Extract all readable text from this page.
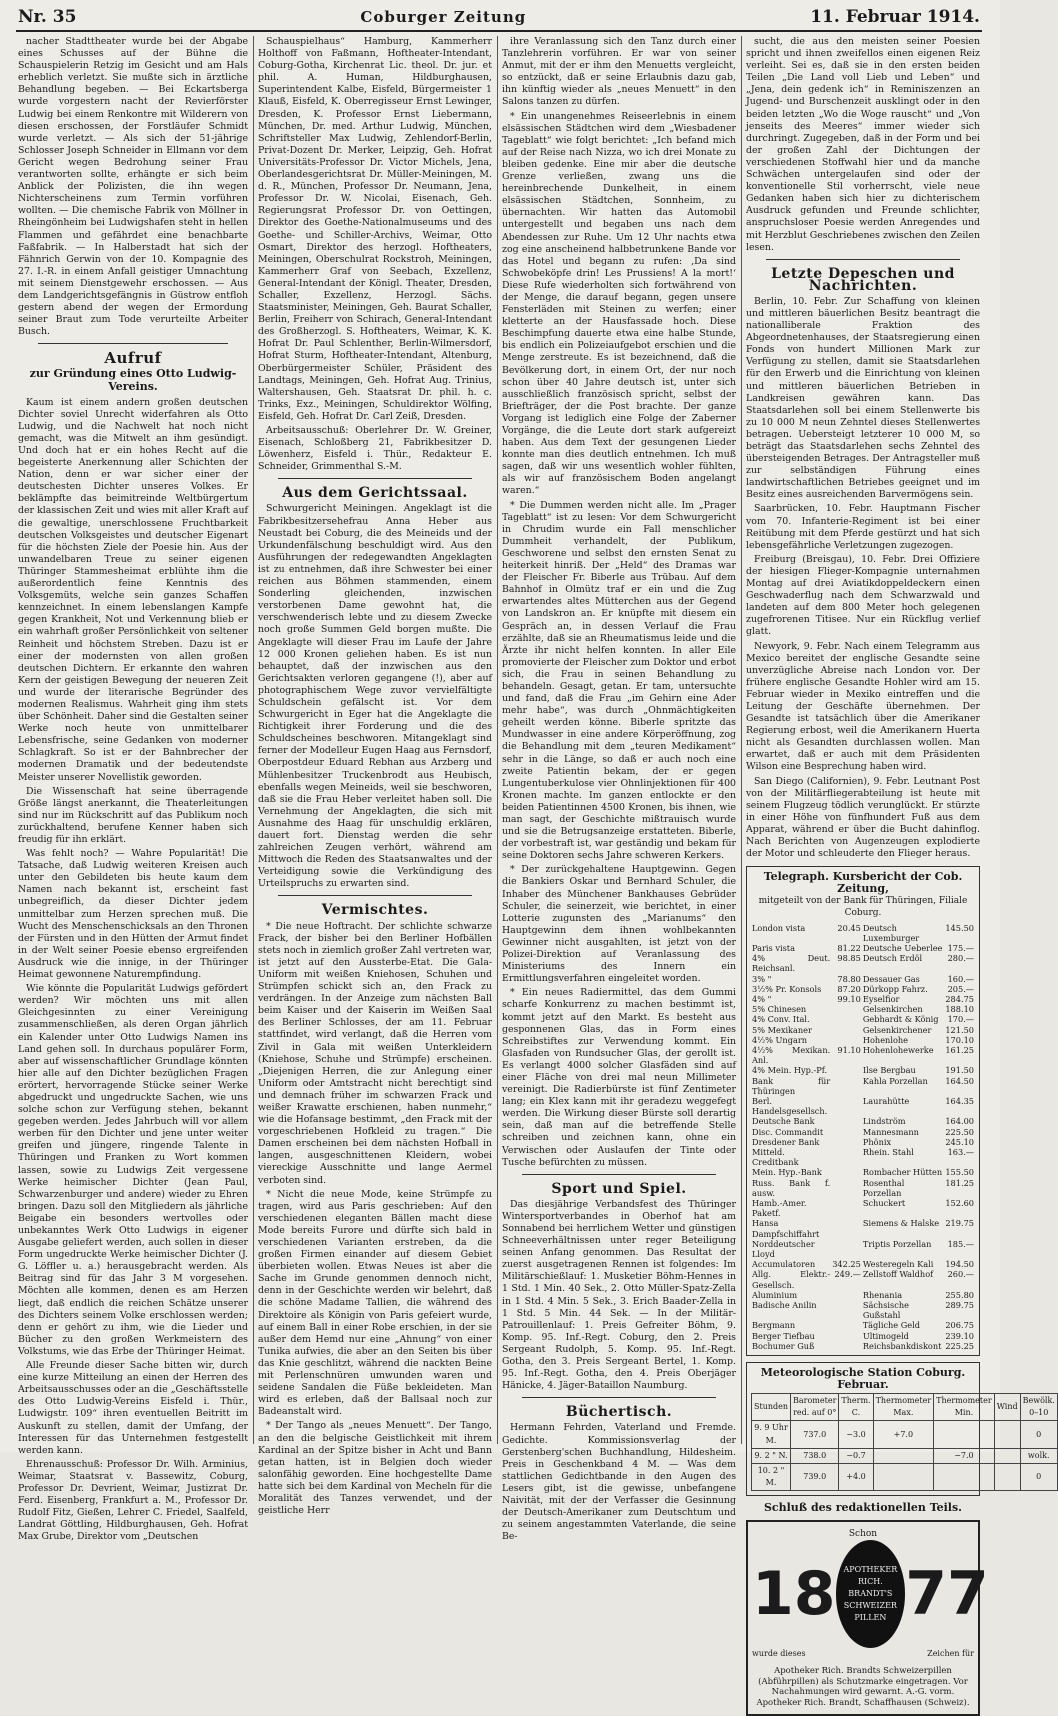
Nr. 35	Coburger Zeitung	11. Februar 1914.

nacher Stadttheater wurde bei der Abgabe eines Schusses auf der Bühne die Schauspielerin Retzig im Gesicht und am Hals erheblich verletzt. Sie mußte sich in ärztliche Behandlung begeben. — Bei Eckartsberga wurde vorgestern nacht der Revierförster Ludwig bei einem Renkontre mit Wilderern von diesen erschossen, der Forstläufer Schmidt wurde verletzt. — Als sich der 51-jährige Schlosser Joseph Schneider in Ellmann vor dem Gericht wegen Bedrohung seiner Frau verantworten sollte, erhängte er sich beim Anblick der Polizisten, die ihn wegen Nichterscheinens zum Termin vorführen wollten. — Die chemische Fabrik von Möllner in Rheingönheim bei Ludwigshafen steht in hellen Flammen und gefährdet eine benachbarte Faßfabrik. — In Halberstadt hat sich der Fähnrich Gerwin von der 10. Kompagnie des 27. I.-R. in einem Anfall geistiger Umnachtung mit seinem Dienstgewehr erschossen. — Aus dem Landgerichtsgefängnis in Güstrow entfloh gestern abend der wegen der Ermordung seiner Braut zum Tode verurteilte Arbeiter Busch.

Aufruf
zur Gründung eines Otto Ludwig-Vereins.

Kaum ist einem andern großen deutschen Dichter soviel Unrecht widerfahren als Otto Ludwig, und die Nachwelt hat noch nicht gemacht, was die Mitwelt an ihm gesündigt. Und doch hat er ein hohes Recht auf die begeisterte Anerkennung aller Schichten der Nation, denn er war sicher einer der deutschesten Dichter unseres Volkes. Er beklämpfte das beimitreinde Weltbürgertum der klassischen Zeit und wies mit aller Kraft auf die gewaltige, unerschlossene Fruchtbarkeit deutschen Volksgeistes und deutscher Eigenart für die höchsten Ziele der Poesie hin. Aus der unwandelbaren Treue zu seiner eigenen Thüringer Stammesheimat erblühte ihm die außerordentlich feine Kenntnis des Volksgemüts, welche sein ganzes Schaffen kennzeichnet. In einem lebenslangen Kampfe gegen Krankheit, Not und Verkennung blieb er ein wahrhaft großer Persönlichkeit von seltener Reinheit und höchstem Streben. Dazu ist er einer der modernsten von allen großen deutschen Dichtern. Er erkannte den wahren Kern der geistigen Bewegung der neueren Zeit und wurde der literarische Begründer des modernen Realismus. Wahrheit ging ihm stets über Schönheit. Daher sind die Gestalten seiner Werke noch heute von unmittelbarer Lebensfrische, seine Gedanken von moderner Schlagkraft. So ist er der Bahnbrecher der modernen Dramatik und der bedeutendste Meister unserer Novellistik geworden.

Die Wissenschaft hat seine überragende Größe längst anerkannt, die Theaterleitungen sind nur im Rückschritt auf das Publikum noch zurückhaltend, berufene Kenner haben sich freudig für ihn erklärt.

Was fehlt noch? — Wahre Popularität! Die Tatsache, daß Ludwig weiteren Kreisen auch unter den Gebildeten bis heute kaum dem Namen nach bekannt ist, erscheint fast unbegreiflich, da dieser Dichter jedem unmittelbar zum Herzen sprechen muß. Die Wucht des Menschenschicksals an den Thronen der Fürsten und in den Hütten der Armut findet in der Welt seiner Poesie ebenso ergreifenden Ausdruck wie die innige, in der Thüringer Heimat gewonnene Naturempfindung.

Wie könnte die Popularität Ludwigs gefördert werden? Wir möchten uns mit allen Gleichgesinnten zu einer Vereinigung zusammenschließen, als deren Organ jährlich ein Kalender unter Otto Ludwigs Namen ins Land gehen soll. In durchaus populärer Form, aber auf wissenschaftlicher Grundlage könnten hier alle auf den Dichter bezüglichen Fragen erörtert, hervorragende Stücke seiner Werke abgedruckt und ungedruckte Sachen, wie uns solche schon zur Verfügung stehen, bekannt gegeben werden. Jedes Jahrbuch will vor allem werben für den Dichter und jene unter weiter greifen und jüngere, ringende Talente in Thüringen und Franken zu Wort kommen lassen, sowie zu Ludwigs Zeit vergessene Werke heimischer Dichter (Jean Paul, Schwarzenburger und andere) wieder zu Ehren bringen. Dazu soll den Mitgliedern als jährliche Beigabe ein besonders wertvolles oder unbekanntes Werk Otto Ludwigs in eigener Ausgabe geliefert werden, auch sollen in dieser Form ungedruckte Werke heimischer Dichter (J. G. Löffler u. a.) herausgebracht werden. Als Beitrag sind für das Jahr 3 M vorgesehen. Möchten alle kommen, denen es am Herzen liegt, daß endlich die reichen Schätze unserer des Dichters seinem Volke erschlossen werden; denn er gehört zu ihm, wie die Lieder und Bücher zu den großen Werkmeistern des Volkstums, wie das Erbe der Thüringer Heimat.

Alle Freunde dieser Sache bitten wir, durch eine kurze Mitteilung an einen der Herren des Arbeitsausschusses oder an die „Geschäftsstelle des Otto Ludwig-Vereins Eisfeld i. Thür., Ludwigstr. 109“ ihren eventuellen Beitritt im Auskunft zu stellen, damit der Umfang, der Interessen für das Unternehmen festgestellt werden kann.

Ehrenausschuß: Professor Dr. Wilh. Arminius, Weimar, Staatsrat v. Bassewitz, Coburg, Professor Dr. Devrient, Weimar, Justizrat Dr. Ferd. Eisenberg, Frankfurt a. M., Professor Dr. Rudolf Fitz, Gießen, Lehrer C. Friedel, Saalfeld, Landrat Göttling, Hildburghausen, Geh. Hofrat Max Grube, Direktor vom „Deutschen

Schauspielhaus“ Hamburg, Kammerherr Holthoff von Faßmann, Hoftheater-Intendant, Coburg-Gotha, Kirchenrat Lic. theol. Dr. jur. et phil. A. Human, Hildburghausen, Superintendent Kalbe, Eisfeld, Bürgermeister 1 Klauß, Eisfeld, K. Oberregisseur Ernst Lewinger, Dresden, K. Professor Ernst Liebermann, München, Dr. med. Arthur Ludwig, München, Schriftsteller Max Ludwig, Zehlendorf-Berlin, Privat-Dozent Dr. Merker, Leipzig, Geh. Hofrat Universitäts-Professor Dr. Victor Michels, Jena, Oberlandesgerichtsrat Dr. Müller-Meiningen, M. d. R., München, Professor Dr. Neumann, Jena, Professor Dr. W. Nicolai, Eisenach, Geh. Regierungsrat Professor Dr. von Oettingen, Direktor des Goethe-Nationalmuseums und des Goethe- und Schiller-Archivs, Weimar, Otto Osmart, Direktor des herzogl. Hoftheaters, Meiningen, Oberschulrat Rockstroh, Meiningen, Kammerherr Graf von Seebach, Exzellenz, General-Intendant der Königl. Theater, Dresden, Schaller, Exzellenz, Herzogl. Sächs. Staatsminister, Meiningen, Geh. Baurat Schaller, Berlin, Freiherr von Schirach, General-Intendant des Großherzogl. S. Hoftheaters, Weimar, K. K. Hofrat Dr. Paul Schlenther, Berlin-Wilmersdorf, Hofrat Sturm, Hoftheater-Intendant, Altenburg, Oberbürgermeister Schüler, Präsident des Landtags, Meiningen, Geh. Hofrat Aug. Trinius, Waltershausen, Geh. Staatsrat Dr. phil. h. c. Trinks, Exz., Meiningen, Schuldirektor Wölfing, Eisfeld, Geh. Hofrat Dr. Carl Zeiß, Dresden.

Arbeitsausschuß: Oberlehrer Dr. W. Greiner, Eisenach, Schloßberg 21, Fabrikbesitzer D. Löwenherz, Eisfeld i. Thür., Redakteur E. Schneider, Grimmenthal S.-M.

Aus dem Gerichtssaal.

Schwurgericht Meiningen. Angeklagt ist die Fabrikbesitzersehefrau Anna Heber aus Neustadt bei Coburg, die des Meineids und der Urkundenfälschung beschuldigt wird. Aus den Ausführungen der redegewandten Angeklagten ist zu entnehmen, daß ihre Schwester bei einer reichen aus Böhmen stammenden, einem Sonderling gleichenden, inzwischen verstorbenen Dame gewohnt hat, die verschwenderisch lebte und zu diesem Zwecke noch große Summen Geld borgen mußte. Die Angeklagte will dieser Frau im Laufe der Jahre 12 000 Kronen geliehen haben. Es ist nun behauptet, daß der inzwischen aus den Gerichtsakten verloren gegangene (!), aber auf photographischem Wege zuvor vervielfältigte Schuldschein gefälscht ist. Vor dem Schwurgericht in Eger hat die Angeklagte die Richtigkeit ihrer Forderung und die des Schuldscheines beschworen. Mitangeklagt sind ferner der Modelleur Eugen Haag aus Fernsdorf, Oberpostdeur Eduard Rebhan aus Arzberg und Mühlenbesitzer Truckenbrodt aus Heubisch, ebenfalls wegen Meineids, weil sie beschworen, daß sie die Frau Heber verleitet haben soll. Die Vernehmung der Angeklagten, die sich mit Ausnahme des Haag für unschuldig erklären, dauert fort. Dienstag werden die sehr zahlreichen Zeugen verhört, während am Mittwoch die Reden des Staatsanwaltes und der Verteidigung sowie die Verkündigung des Urteilspruchs zu erwarten sind.

Vermischtes.

* Die neue Hoftracht. Der schlichte schwarze Frack, der bisher bei den Berliner Hofbällen stets noch in ziemlich großer Zahl vertreten war, ist jetzt auf den Aussterbe-Etat. Die Gala-Uniform mit weißen Kniehosen, Schuhen und Strümpfen schickt sich an, den Frack zu verdrängen. In der Anzeige zum nächsten Ball beim Kaiser und der Kaiserin im Weißen Saal des Berliner Schlosses, der am 11. Februar stattfindet, wird verlangt, daß die Herren vom Zivil in Gala mit weißen Unterkleidern (Kniehose, Schuhe und Strümpfe) erscheinen. „Diejenigen Herren, die zur Anlegung einer Uniform oder Amtstracht nicht berechtigt sind und demnach früher im schwarzen Frack und weißer Krawatte erschienen, haben nunmehr,“ wie die Hofansage bestimmt, „den Frack mit der vorgeschriebenen Hofkleid zu tragen.“ Die Damen erscheinen bei dem nächsten Hofball in langen, ausgeschnittenen Kleidern, wobei viereckige Ausschnitte und lange Aermel verboten sind.

* Nicht die neue Mode, keine Strümpfe zu tragen, wird aus Paris geschrieben: Auf den verschiedenen eleganten Bällen macht diese Mode bereits Furore und dürfte sich bald in verschiedenen Varianten erstreben, da die großen Firmen einander auf diesem Gebiet überbieten wollen. Etwas Neues ist aber die Sache im Grunde genommen dennoch nicht, denn in der Geschichte werden wir belehrt, daß die schöne Madame Tallien, die während des Direktoire als Königin von Paris gefeiert wurde, auf einem Ball in einer Robe erschien, in der sie außer dem Hemd nur eine „Ahnung“ von einer Tunika aufwies, die aber an den Seiten bis über das Knie geschlitzt, während die nackten Beine mit Perlenschnüren umwunden waren und seidene Sandalen die Füße bekleideten. Man wird es erleben, daß der Ballsaal noch zur Badeanstalt wird.

* Der Tango als „neues Menuett“. Der Tango, an den die belgische Geistlichkeit mit ihrem Kardinal an der Spitze bisher in Acht und Bann getan hatten, ist in Belgien doch wieder salonfähig geworden. Eine hochgestellte Dame hatte sich bei dem Kardinal von Mecheln für die Moralität des Tanzes verwendet, und der geistliche Herr

ihre Veranlassung sich den Tanz durch einer Tanzlehrerin vorführen. Er war von seiner Anmut, mit der er ihm den Menuetts vergleicht, so entzückt, daß er seine Erlaubnis dazu gab, ihn künftig wieder als „neues Menuett“ in den Salons tanzen zu dürfen.

* Ein unangenehmes Reiseerlebnis in einem elsässischen Städtchen wird dem „Wiesbadener Tageblatt“ wie folgt berichtet: „Ich befand mich auf der Reise nach Nizza, wo ich drei Monate zu bleiben gedenke. Eine mir aber die deutsche Grenze verließen, zwang uns die hereinbrechende Dunkelheit, in einem elsässischen Städtchen, Sonnheim, zu übernachten. Wir hatten das Automobil untergestellt und begaben uns nach dem Abendessen zur Ruhe. Um 12 Uhr nachts etwa zog eine anscheinend halbbetrunkene Bande vor das Hotel und begann zu rufen: ‚Da sind Schwobeköpfe drin! Les Prussiens! A la mort!‘ Diese Rufe wiederholten sich fortwährend von der Menge, die darauf begann, gegen unsere Fensterläden mit Steinen zu werfen; einer kletterte an der Hausfassade hoch. Diese Beschimpfung dauerte etwa eine halbe Stunde, bis endlich ein Polizeiaufgebot erschien und die Menge zerstreute. Es ist bezeichnend, daß die Bevölkerung dort, in einem Ort, der nur noch schon über 40 Jahre deutsch ist, unter sich ausschließlich französisch spricht, selbst der Briefträger, der die Post brachte. Der ganze Vorgang ist lediglich eine Folge der Zaberner Vorgänge, die die Leute dort stark aufgereizt haben. Aus dem Text der gesungenen Lieder konnte man dies deutlich entnehmen. Ich muß sagen, daß wir uns wesentlich wohler fühlten, als wir auf französischem Boden angelangt waren.“

* Die Dummen werden nicht alle. Im „Prager Tageblatt“ ist zu lesen: Vor dem Schwurgericht in Chrudim wurde ein Fall menschlicher Dummheit verhandelt, der Publikum, Geschworene und selbst den ernsten Senat zu heiterkeit hinriß. Der „Held“ des Dramas war der Fleischer Fr. Biberle aus Trübau. Auf dem Bahnhof in Olmütz traf er ein und die Zug erwartendes altes Mütterchen aus der Gegend von Landskron an. Er knüpfte mit diesem ein Gespräch an, in dessen Verlauf die Frau erzählte, daß sie an Rheumatismus leide und die Ärzte ihr nicht helfen konnten. In aller Eile promovierte der Fleischer zum Doktor und erbot sich, die Frau in seinen Behandlung zu behandeln. Gesagt, getan. Er tam, untersuchte und fand, daß die Frau „im Gehirn eine Ader mehr habe“, was durch „Ohnmächtigkeiten geheilt werden könne. Biberle spritzte das Mundwasser in eine andere Körperöffnung, zog die Behandlung mit dem „teuren Medikament“ sehr in die Länge, so daß er auch noch eine zweite Patientin bekam, der er gegen Lungentuberkulose vier Ohnlinjektionen für 400 Kronen machte. Im ganzen entlockte er den beiden Patientinnen 4500 Kronen, bis ihnen, wie man sagt, der Geschichte mißtrauisch wurde und sie die Betrugsanzeige erstatteten. Biberle, der vorbestraft ist, war geständig und bekam für seine Doktoren sechs Jahre schweren Kerkers.

* Der zurückgehaltene Hauptgewinn. Gegen die Bankiers Oskar und Bernhard Schuler, die Inhaber des Münchener Bankhauses Gebrüder Schuler, die seinerzeit, wie berichtet, in einer Lotterie zugunsten des „Marianums“ den Hauptgewinn dem ihnen wohlbekannten Gewinner nicht ausgahlten, ist jetzt von der Polizei-Direktion auf Veranlassung des Ministeriums des Innern ein Ermittlungsverfahren eingeleitet worden.

* Ein neues Radiermittel, das dem Gummi scharfe Konkurrenz zu machen bestimmt ist, kommt jetzt auf den Markt. Es besteht aus gesponnenen Glas, das in Form eines Schreibstiftes zur Verwendung kommt. Ein Glasfaden von Rundsucher Glas, der gerollt ist. Es verlangt 4000 solcher Glasfäden sind auf einer Fläche von drei mal neun Millimeter vereinigt. Die Radierbürste ist fünf Zentimeter lang; ein Klex kann mit ihr geradezu weggefegt werden. Die Wirkung dieser Bürste soll derartig sein, daß man auf die betreffende Stelle schreiben und zeichnen kann, ohne ein Verwischen oder Auslaufen der Tinte oder Tusche befürchten zu müssen.

Sport und Spiel.

Das diesjährige Verbandsfest des Thüringer Wintersportverbandes in Oberhof hat am Sonnabend bei herrlichem Wetter und günstigen Schneeverhältnissen unter reger Beteiligung seinen Anfang genommen. Das Resultat der zuerst ausgetragenen Rennen ist folgendes: Im Militärschießlauf: 1. Musketier Böhm-Hennes in 1 Std. 1 Min. 40 Sek., 2. Otto Müller-Spatz-Zella in 1 Std. 4 Min. 5 Sek., 3. Erich Baader-Zella in 1 Std. 5 Min. 44 Sek. — In der Militär-Patrouillenlauf: 1. Preis Gefreiter Böhm, 9. Komp. 95. Inf.-Regt. Coburg, den 2. Preis Sergeant Rudolph, 5. Komp. 95. Inf.-Regt. Gotha, den 3. Preis Sergeant Bertel, 1. Komp. 95. Inf.-Regt. Gotha, den 4. Preis Oberjäger Hänicke, 4. Jäger-Bataillon Naumburg.

Büchertisch.

Hermann Fehrden, Vaterland und Fremde. Gedichte. Kommissionsverlag der Gerstenberg'schen Buchhandlung, Hildesheim. Preis in Geschenkband 4 M. — Was dem stattlichen Gedichtbande in den Augen des Lesers gibt, ist die gewisse, unbefangene Naivität, mit der der Verfasser die Gesinnung der Deutsch-Amerikaner zum Deutschtum und zu seinem angestammten Vaterlande, die seine Be-

sucht, die aus den meisten seiner Poesien spricht und ihnen zweifellos einen eigenen Reiz verleiht. Sei es, daß sie in den ersten beiden Teilen „Die Land voll Lieb und Leben“ und „Jena, dein gedenk ich“ in Reminiszenzen an Jugend- und Burschenzeit ausklingt oder in den beiden letzten „Wo die Woge rauscht“ und „Von jenseits des Meeres“ immer wieder sich durchringt. Zugegeben, daß in der Form und bei der großen Zahl der Dichtungen der verschiedenen Stoffwahl hier und da manche Schwächen untergelaufen sind oder der konventionelle Stil vorherrscht, viele neue Gedanken haben sich hier zu dichterischem Ausdruck gefunden und Freunde schlichter, anspruchsloser Poesie werden Anregendes und mit Herzblut Geschriebenes zwischen den Zeilen lesen.

Letzte Depeschen und Nachrichten.

Berlin, 10. Febr. Zur Schaffung von kleinen und mittleren bäuerlichen Besitz beantragt die nationalliberale Fraktion des Abgeordnetenhauses, der Staatsregierung einen Fonds von hundert Millionen Mark zur Verfügung zu stellen, damit sie Staatsdarlehen für den Erwerb und die Einrichtung von kleinen und mittleren bäuerlichen Betrieben in Landkreisen gewähren kann. Das Staatsdarlehen soll bei einem Stellenwerte bis zu 10 000 M neun Zehntel dieses Stellenwertes betragen. Uebersteigt letzterer 10 000 M, so beträgt das Staatsdarlehen sechs Zehntel des übersteigenden Betrages. Der Antragsteller muß zur selbständigen Führung eines landwirtschaftlichen Betriebes geeignet und im Besitz eines ausreichenden Barvermögens sein.

Saarbrücken, 10. Febr. Hauptmann Fischer vom 70. Infanterie-Regiment ist bei einer Reitübung mit dem Pferde gestürzt und hat sich lebensgefährliche Verletzungen zugezogen.

Freiburg (Breisgau), 10. Febr. Drei Offiziere der hiesigen Flieger-Kompagnie unternahmen Montag auf drei Aviatikdoppeldeckern einen Geschwaderflug nach dem Schwarzwald und landeten auf dem 800 Meter hoch gelegenen zugefrorenen Titisee. Nur ein Rückflug verlief glatt.

Newyork, 9. Febr. Nach einem Telegramm aus Mexico bereitet der englische Gesandte seine unverzügliche Abreise nach London vor. Der frühere englische Gesandte Hohler wird am 15. Februar wieder in Mexiko eintreffen und die Leitung der Geschäfte übernehmen. Der Gesandte ist tatsächlich über die Amerikaner Regierung erbost, weil die Amerikanern Huerta nicht als Gesandten durchlassen wollen. Man erwartet, daß er auch mit dem Präsidenten Wilson eine Besprechung haben wird.

San Diego (Californien), 9. Febr. Leutnant Post von der Militärfliegerabteilung ist heute mit seinem Flugzeug tödlich verunglückt. Er stürzte in einer Höhe von fünfhundert Fuß aus dem Apparat, während er über die Bucht dahinflog. Nach Berichten von Augenzeugen explodierte der Motor und schleuderte den Flieger heraus.

Telegraph. Kursbericht der Cob. Zeitung,
mitgeteilt von der Bank für Thüringen, Filiale Coburg.
London vista	20.45	Deutsch Luxemburger	145.50
Paris vista	81.22	Deutsche Ueberlee	175.—
4% Deut. Reichsanl.	98.85	Deutsch Erdöl	280.—
3% "	78.80	Dessauer Gas	160.—
3½% Pr. Konsols	87.20	Dürkopp Fahrz.	205.—
4% "	99.10	Eyselfior	284.75
5% Chinesen		Gelsenkirchen	188.10
4% Conv. Ital.		Gebhardt & König	170.—
5% Mexikaner		Gelsenkirchener	121.50
4½% Ungarn		Hohenlohe	170.10
4½% Mexikan. Anl.	91.10	Hohenlohewerke	161.25
4% Mein. Hyp.-Pf.		Ilse Bergbau	191.50
Bank für Thüringen		Kahla Porzellan	164.50
Berl. Handelsgesellsch.		Laurahütte	164.35
Deutsche Bank		Lindström	164.00
Disc. Commandit		Mannesmann	225.50
Dresdener Bank		Phönix	245.10
Mitteld. Creditbank		Rhein. Stahl	163.—
Mein. Hyp.-Bank		Rombacher Hütten	155.50
Russ. Bank f. ausw.		Rosenthal Porzellan	181.25
Hamb.-Amer. Paketf.		Schuckert	152.60
Hansa Dampfschiffahrt		Siemens & Halske	219.75
Norddeutscher Lloyd		Triptis Porzellan	185.—
Accumulatoren	342.25	Westeregeln Kali	194.50
Allg. Elektr.-Gesellsch.	249.—	Zellstoff Waldhof	260.—
Aluminium		Rhenania	255.80
Badische Anilin		Sächsische Gußstahl	289.75
Bergmann		Tägliche Geld	206.75
Berger Tiefbau		Ultimogeld	239.10
Bochumer Guß		Reichsbankdiskont	225.25
Meteorologische Station Coburg. Februar.
Stunden	Barometer red. auf 0°	Therm. C.	Thermometer Max.	Thermometer Min.	Wind	Bewölk. 0–10
9. 9 Uhr M.	737.0	−3.0	+7.0			0
9. 2 " N.	738.0	−0.7		−7.0		wolk.
10. 2 " M.	739.0	+4.0				0
Schluß des redaktionellen Teils.
Schon
18 APOTHEKER RICH. BRANDT'S SCHWEIZER PILLEN 77
wurde dieses	Zeichen für
Apotheker Rich. Brandts Schweizerpillen (Abführpillen) als Schutzmarke eingetragen. Vor Nachahmungen wird gewarnt. A.-G. vorm. Apotheker Rich. Brandt, Schaffhausen (Schweiz).
